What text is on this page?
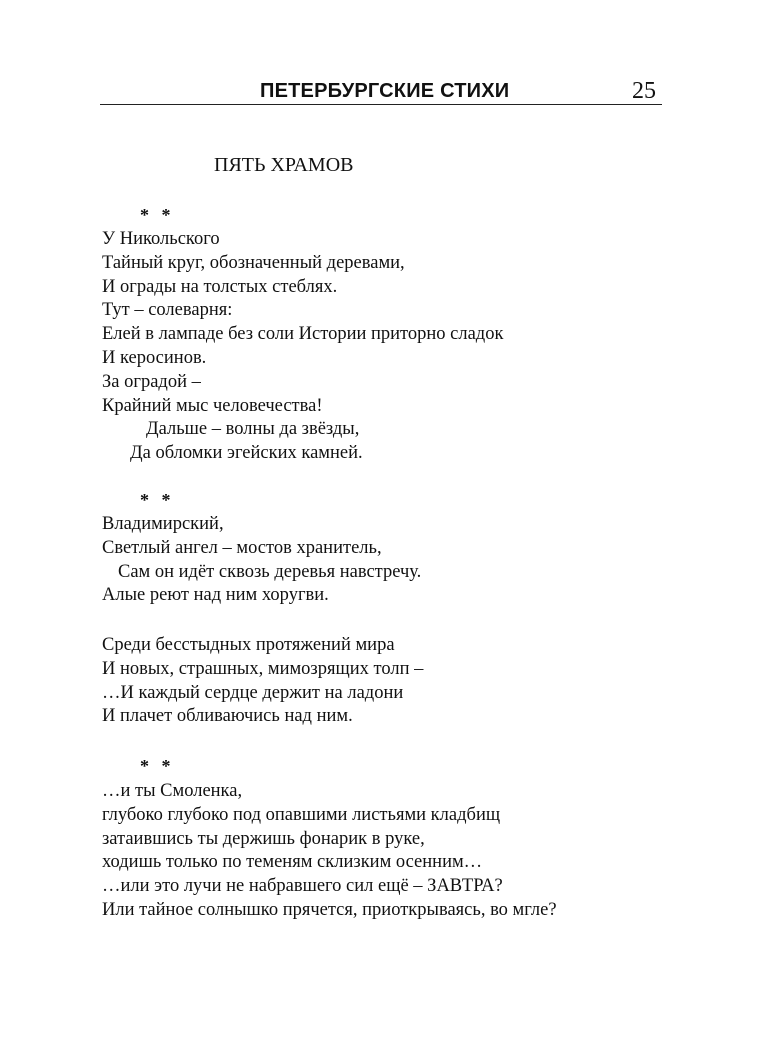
ПЕТЕРБУРГСКИЕ СТИХИ	25
ПЯТЬ ХРАМОВ
* *
У Никольского
Тайный круг, обозначенный деревами,
И ограды на толстых стеблях.
Тут – солеварня:
Елей в лампаде без соли Истории приторно сладок
И керосинов.
За оградой –
Крайний мыс человечества!
Дальше – волны да звёзды,
Да обломки эгейских камней.
* *
Владимирский,
Светлый ангел – мостов хранитель,
Сам он идёт сквозь деревья навстречу.
Алые реют над ним хоругви.
Среди бесстыдных протяжений мира
И новых, страшных, мимозрящих толп –
…И каждый сердце держит на ладони
И плачет обливаючись над ним.
* *
…и ты Смоленка,
глубоко глубоко под опавшими листьями кладбищ
затаившись ты держишь фонарик в руке,
ходишь только по теменям склизким осенним…
…или это лучи не набравшего сил ещё – ЗАВТРА?
Или тайное солнышко прячется, приоткрываясь, во мгле?
